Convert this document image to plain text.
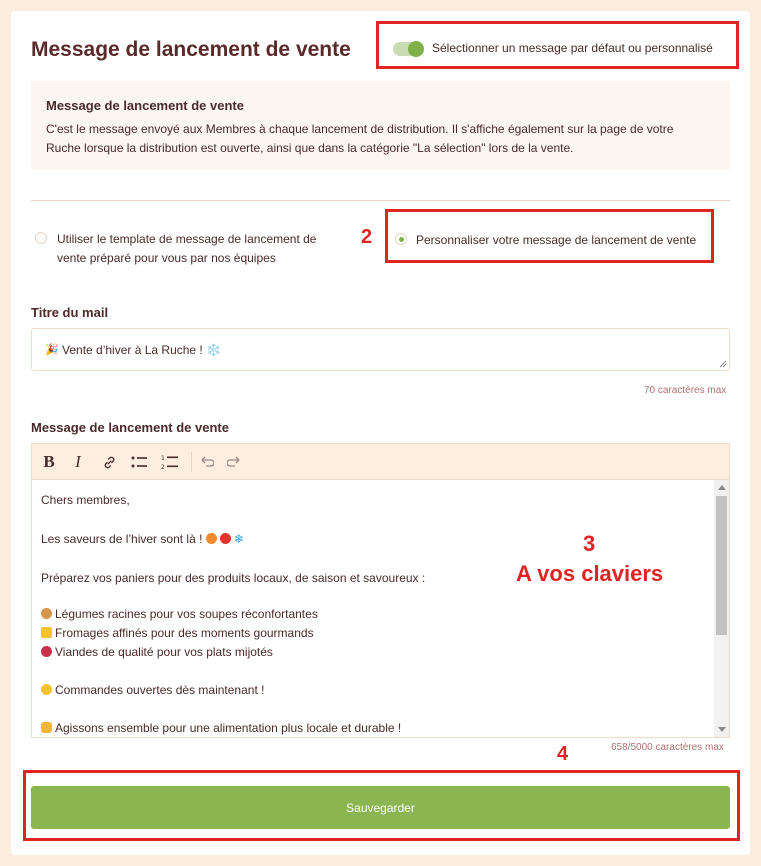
Message de lancement de vente	Sélectionner un message par défaut ou personnalisé
Message de lancement de vente
C'est le message envoyé aux Membres à chaque lancement de distribution. Il s'affiche également sur la page de votre
Ruche lorsque la distribution est ouverte, ainsi que dans la catégorie "La sélection" lors de la vente.
Utiliser le template de message de lancement de
vente préparé pour vous par nos équipes
2	Personnaliser votre message de lancement de vente
Titre du mail
🎉 Vente d’hiver à La Ruche ! ❄️
70 caractères max
Message de lancement de vente
B	I	1
2
Chers membres,
Les saveurs de l’hiver sont là !	❄
Préparez vos paniers pour des produits locaux, de saison et savoureux :
Légumes racines pour vos soupes réconfortantes
Fromages affinés pour des moments gourmands
Viandes de qualité pour vos plats mijotés
Commandes ouvertes dès maintenant !
Agissons ensemble pour une alimentation plus locale et durable !
658/5000 caractères max
3
A vos claviers
4
Sauvegarder
